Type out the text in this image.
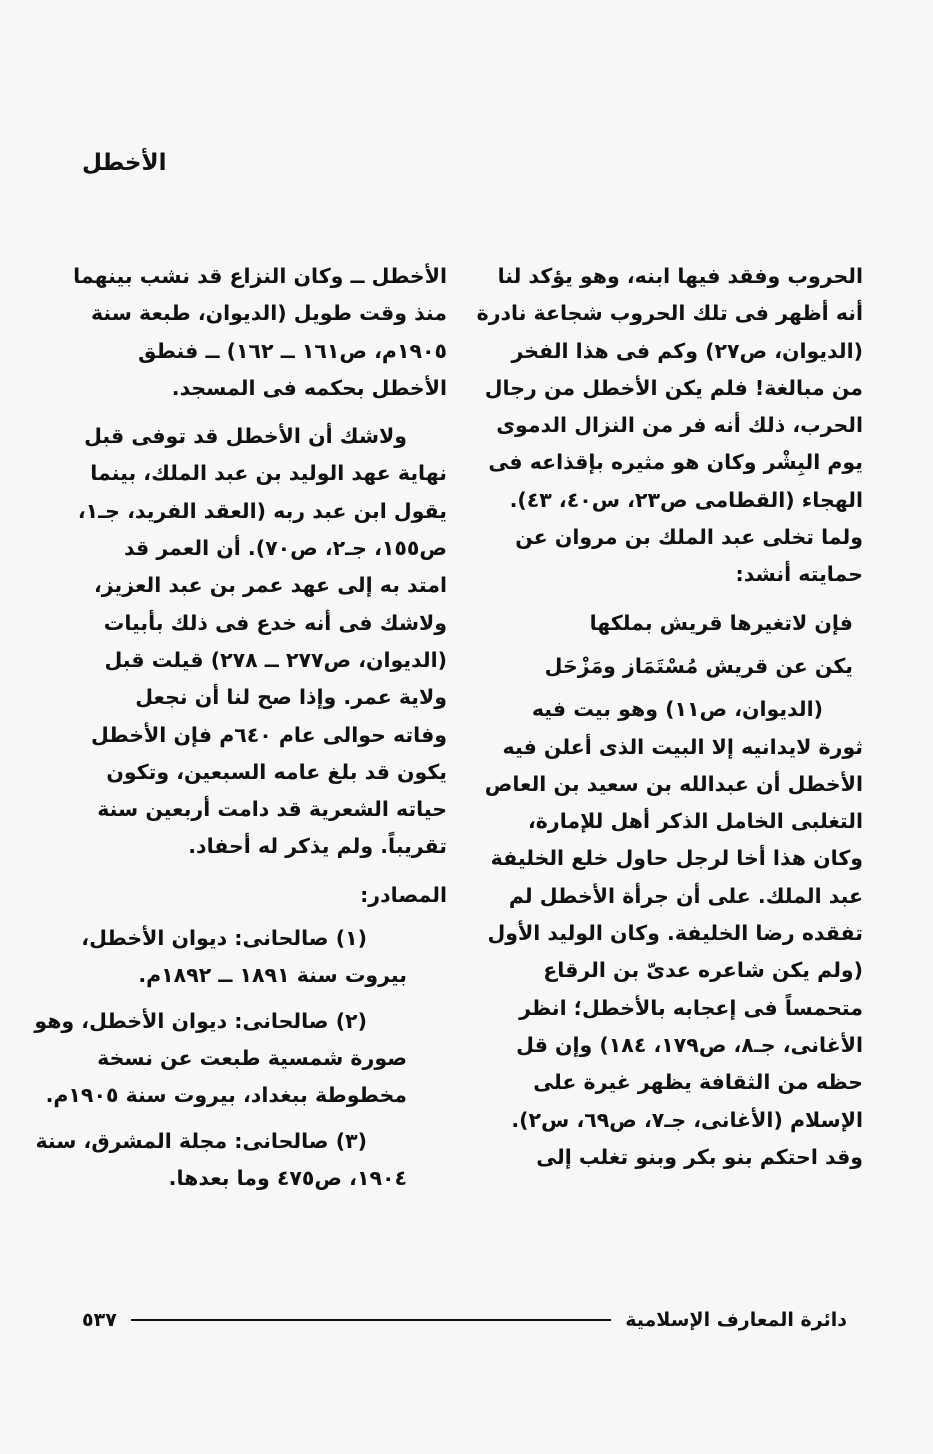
الأخطل

الحروب وفقد فيها ابنه، وهو يؤكد لنا
أنه أظهر فى تلك الحروب شجاعة نادرة
(الديوان، ص٢٧) وكم فى هذا الفخر
من مبالغة! فلم يكن الأخطل من رجال
الحرب، ذلك أنه فر من النزال الدموى
يوم البِشْر وكان هو مثيره بإقذاعه فى
الهجاء (القطامى ص٢٣، س٤٠، ٤٣).
ولما تخلى عبد الملك بن مروان عن
حمايته أنشد:

فإن لاتغيرها قريش بملكها
يكن عن قريش مُسْتَمَاز ومَزْحَل

(الديوان، ص١١) وهو بيت فيه
ثورة لايدانيه إلا البيت الذى أعلن فيه
الأخطل أن عبدالله بن سعيد بن العاص
التغلبى الخامل الذكر أهل للإمارة،
وكان هذا أخا لرجل حاول خلع الخليفة
عبد الملك. على أن جرأة الأخطل لم
تفقده رضا الخليفة. وكان الوليد الأول
(ولم يكن شاعره عدىّ بن الرقاع
متحمساً فى إعجابه بالأخطل؛ انظر
الأغانى، جـ٨، ص١٧٩، ١٨٤) وإن قل
حظه من الثقافة يظهر غيرة على
الإسلام (الأغانى، جـ٧، ص٦٩، س٢).
وقد احتكم بنو بكر وبنو تغلب إلى

الأخطل ــ وكان النزاع قد نشب بينهما
منذ وقت طويل (الديوان، طبعة سنة
١٩٠٥م، ص١٦١ ــ ١٦٢) ــ فنطق
الأخطل بحكمه فى المسجد.

ولاشك أن الأخطل قد توفى قبل
نهاية عهد الوليد بن عبد الملك، بينما
يقول ابن عبد ربه (العقد الفريد، جـ١،
ص١٥٥، جـ٢، ص٧٠). أن العمر قد
امتد به إلى عهد عمر بن عبد العزيز،
ولاشك فى أنه خدع فى ذلك بأبيات
(الديوان، ص٢٧٧ ــ ٢٧٨) قيلت قبل
ولاية عمر. وإذا صح لنا أن نجعل
وفاته حوالى عام ٦٤٠م فإن الأخطل
يكون قد بلغ عامه السبعين، وتكون
حياته الشعرية قد دامت أربعين سنة
تقريباً. ولم يذكر له أحفاد.

المصادر:
(١) صالحانى: ديوان الأخطل،
بيروت سنة ١٨٩١ ــ ١٨٩٢م.
(٢) صالحانى: ديوان الأخطل، وهو
صورة شمسية طبعت عن نسخة
مخطوطة ببغداد، بيروت سنة ١٩٠٥م.
(٣) صالحانى: مجلة المشرق، سنة
١٩٠٤، ص٤٧٥ وما بعدها.
دائرة المعارف الإسلامية
٥٣٧
